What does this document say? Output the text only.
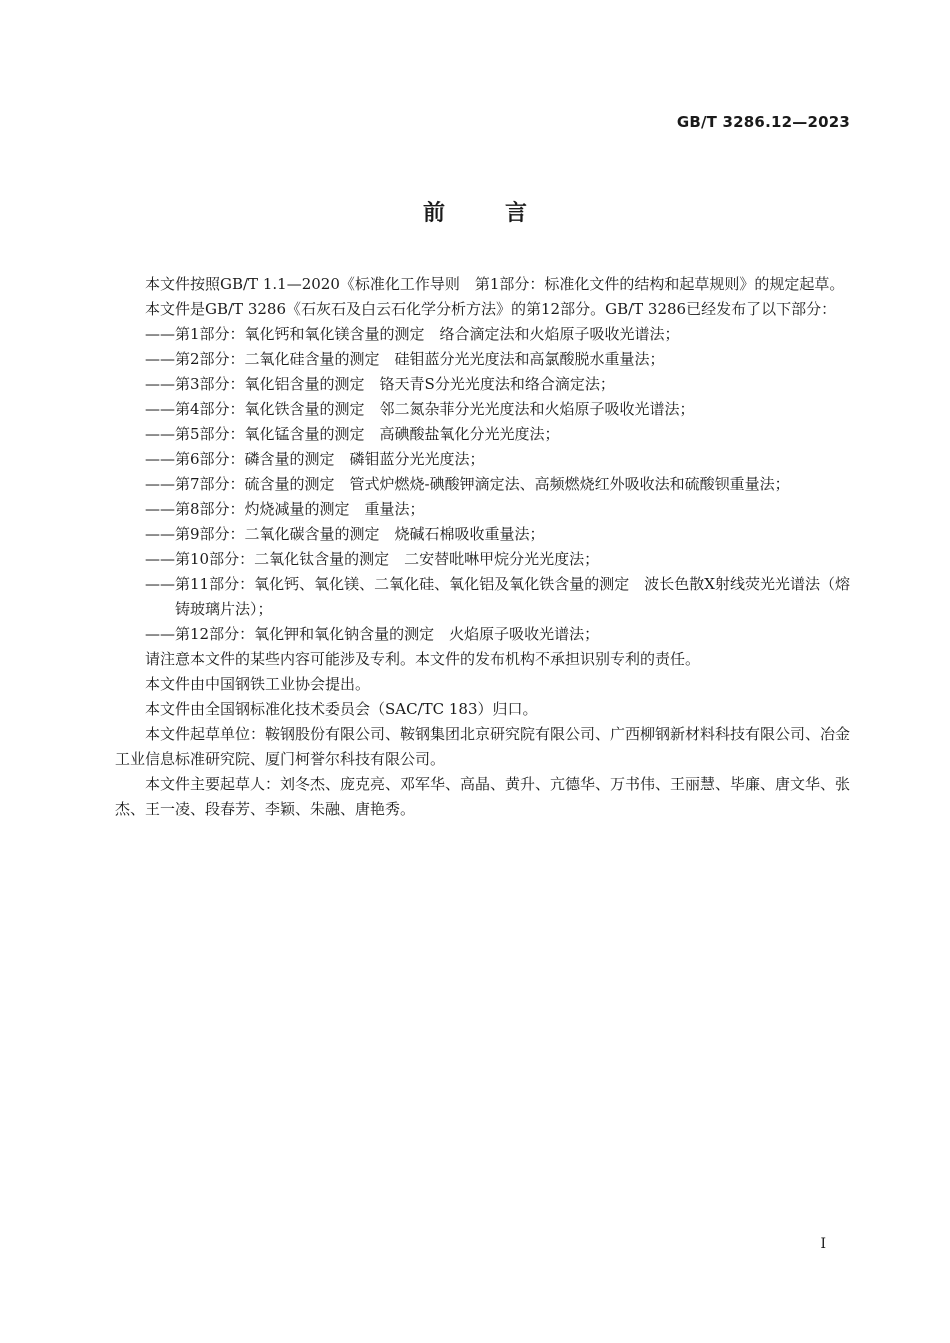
GB/T 3286.12—2023
前言

本文件按照GB/T 1.1—2020《标准化工作导则　第1部分：标准化文件的结构和起草规则》的规定起草。

本文件是GB/T 3286《石灰石及白云石化学分析方法》的第12部分。GB/T 3286已经发布了以下部分：

—— 第1部分：氧化钙和氧化镁含量的测定　络合滴定法和火焰原子吸收光谱法；
—— 第2部分：二氧化硅含量的测定　硅钼蓝分光光度法和高氯酸脱水重量法；
—— 第3部分：氧化铝含量的测定　铬天青S分光光度法和络合滴定法；
—— 第4部分：氧化铁含量的测定　邻二氮杂菲分光光度法和火焰原子吸收光谱法；
—— 第5部分：氧化锰含量的测定　高碘酸盐氧化分光光度法；
—— 第6部分：磷含量的测定　磷钼蓝分光光度法；
—— 第7部分：硫含量的测定　管式炉燃烧-碘酸钾滴定法、高频燃烧红外吸收法和硫酸钡重量法；
—— 第8部分：灼烧减量的测定　重量法；
—— 第9部分：二氧化碳含量的测定　烧碱石棉吸收重量法；
—— 第10部分：二氧化钛含量的测定　二安替吡啉甲烷分光光度法；
—— 第11部分：氧化钙、氧化镁、二氧化硅、氧化铝及氧化铁含量的测定　波长色散X射线荧光光谱法（熔铸玻璃片法）；
—— 第12部分：氧化钾和氧化钠含量的测定　火焰原子吸收光谱法；

请注意本文件的某些内容可能涉及专利。本文件的发布机构不承担识别专利的责任。

本文件由中国钢铁工业协会提出。

本文件由全国钢标准化技术委员会（SAC/TC 183）归口。

本文件起草单位：鞍钢股份有限公司、鞍钢集团北京研究院有限公司、广西柳钢新材料科技有限公司、冶金工业信息标准研究院、厦门柯誉尔科技有限公司。

本文件主要起草人：刘冬杰、庞克亮、邓军华、高晶、黄升、亢德华、万书伟、王丽慧、毕廉、唐文华、张杰、王一凌、段春芳、李颖、朱融、唐艳秀。

I
